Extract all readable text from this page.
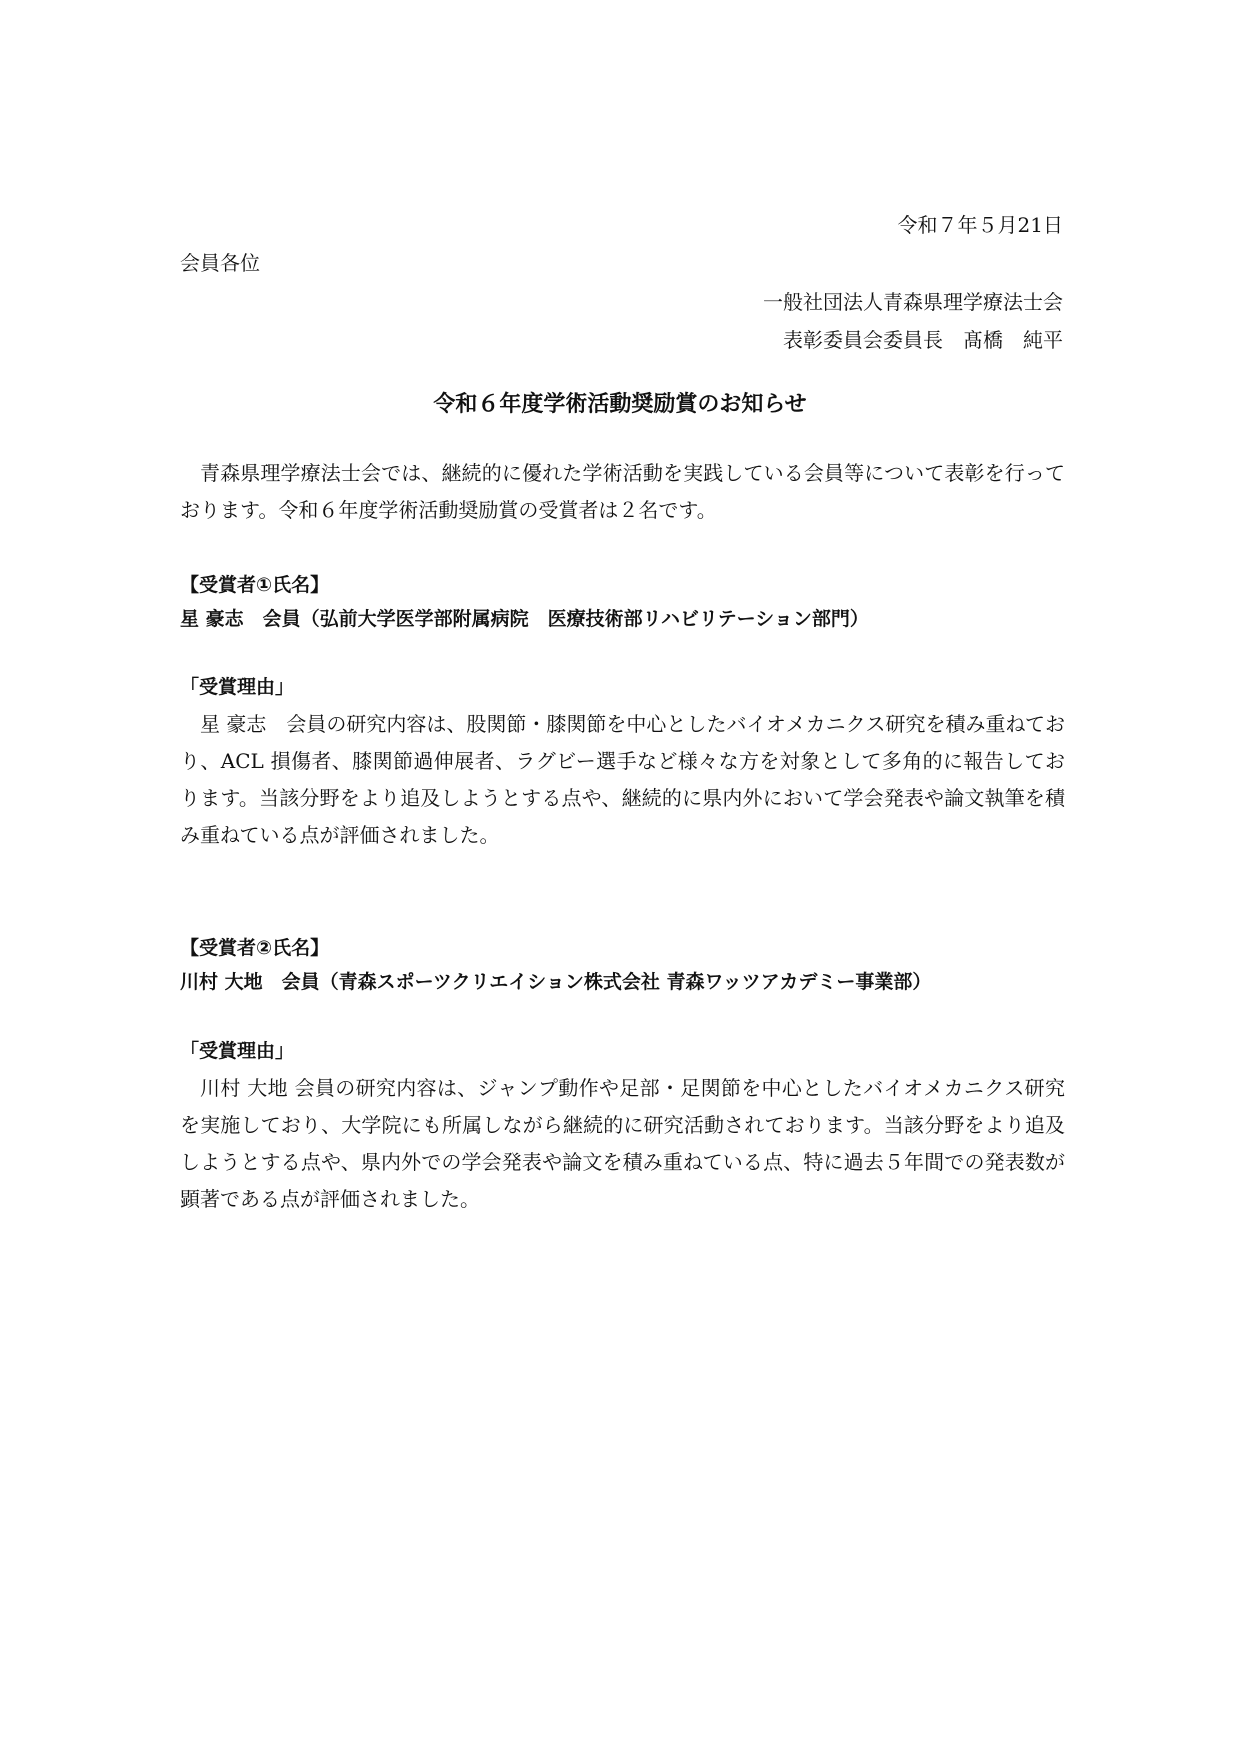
令和７年５月21日
会員各位
一般社団法人青森県理学療法士会
表彰委員会委員長　髙橋　純平
令和６年度学術活動奨励賞のお知らせ

青森県理学療法士会では、継続的に優れた学術活動を実践している会員等について表彰を行っております。令和６年度学術活動奨励賞の受賞者は２名です。

【受賞者①氏名】
星 豪志　会員（弘前大学医学部附属病院　医療技術部リハビリテーション部門）
「受賞理由」

星 豪志　会員の研究内容は、股関節・膝関節を中心としたバイオメカニクス研究を積み重ねており、ACL 損傷者、膝関節過伸展者、ラグビー選手など様々な方を対象として多角的に報告しております。当該分野をより追及しようとする点や、継続的に県内外において学会発表や論文執筆を積み重ねている点が評価されました。

【受賞者②氏名】
川村 大地　会員（青森スポーツクリエイション株式会社 青森ワッツアカデミー事業部）
「受賞理由」

川村 大地 会員の研究内容は、ジャンプ動作や足部・足関節を中心としたバイオメカニクス研究を実施しており、大学院にも所属しながら継続的に研究活動されております。当該分野をより追及しようとする点や、県内外での学会発表や論文を積み重ねている点、特に過去５年間での発表数が顕著である点が評価されました。
